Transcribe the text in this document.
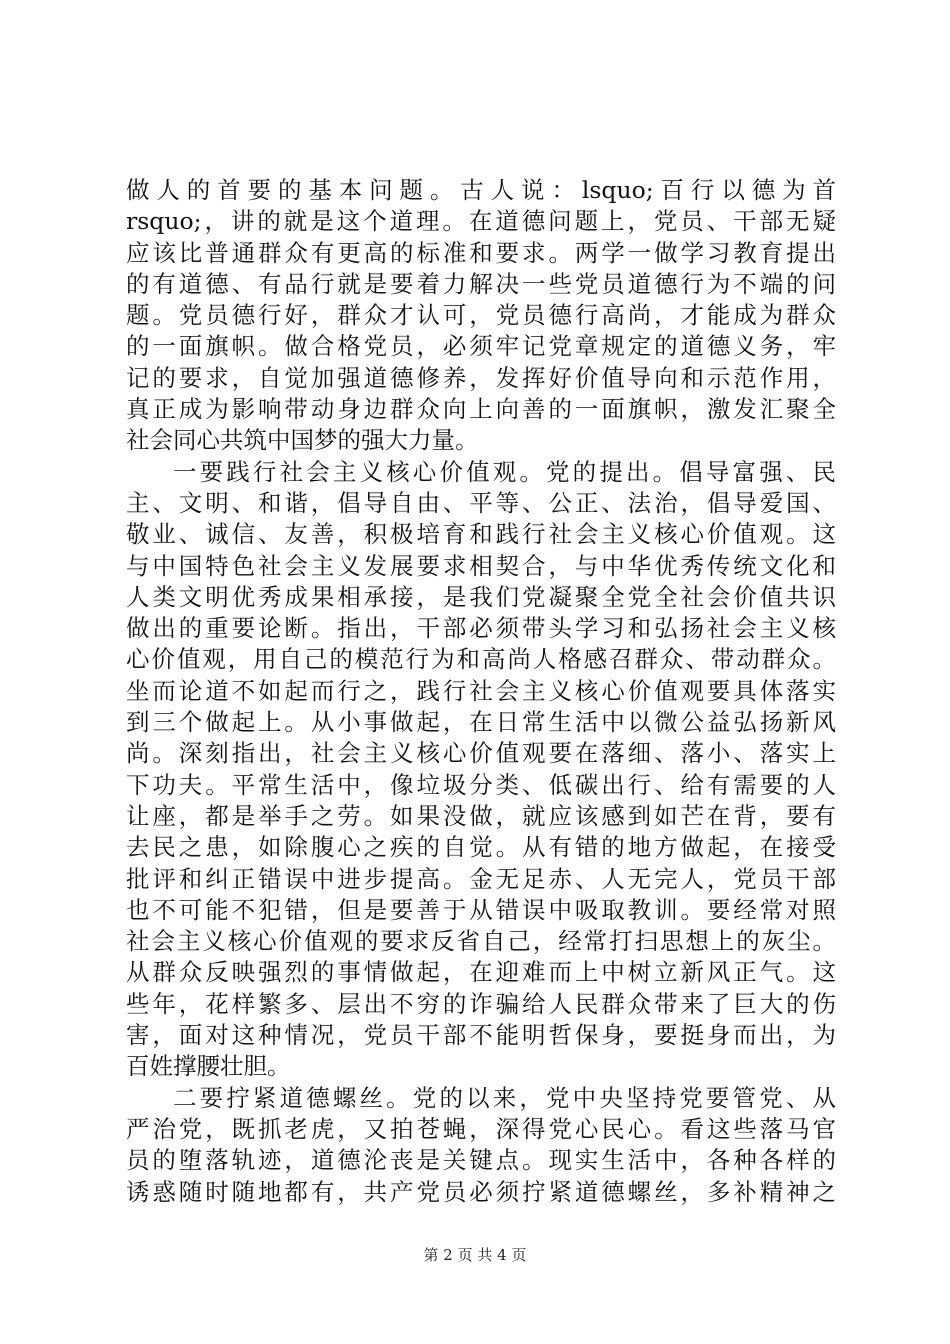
做人的首要的基本问题。古人说：lsquo;百行以德为首
rsquo;，讲的就是这个道理。在道德问题上，党员、干部无疑
应该比普通群众有更高的标准和要求。两学一做学习教育提出
的有道德、有品行就是要着力解决一些党员道德行为不端的问
题。党员德行好，群众才认可，党员德行高尚，才能成为群众
的一面旗帜。做合格党员，必须牢记党章规定的道德义务，牢
记的要求，自觉加强道德修养，发挥好价值导向和示范作用，
真正成为影响带动身边群众向上向善的一面旗帜，激发汇聚全
社会同心共筑中国梦的强大力量。
一要践行社会主义核心价值观。党的提出。倡导富强、民
主、文明、和谐，倡导自由、平等、公正、法治，倡导爱国、
敬业、诚信、友善，积极培育和践行社会主义核心价值观。这
与中国特色社会主义发展要求相契合，与中华优秀传统文化和
人类文明优秀成果相承接，是我们党凝聚全党全社会价值共识
做出的重要论断。指出，干部必须带头学习和弘扬社会主义核
心价值观，用自己的模范行为和高尚人格感召群众、带动群众。
坐而论道不如起而行之，践行社会主义核心价值观要具体落实
到三个做起上。从小事做起，在日常生活中以微公益弘扬新风
尚。深刻指出，社会主义核心价值观要在落细、落小、落实上
下功夫。平常生活中，像垃圾分类、低碳出行、给有需要的人
让座，都是举手之劳。如果没做，就应该感到如芒在背，要有
去民之患，如除腹心之疾的自觉。从有错的地方做起，在接受
批评和纠正错误中进步提高。金无足赤、人无完人，党员干部
也不可能不犯错，但是要善于从错误中吸取教训。要经常对照
社会主义核心价值观的要求反省自己，经常打扫思想上的灰尘。
从群众反映强烈的事情做起，在迎难而上中树立新风正气。这
些年，花样繁多、层出不穷的诈骗给人民群众带来了巨大的伤
害，面对这种情况，党员干部不能明哲保身，要挺身而出，为
百姓撑腰壮胆。
二要拧紧道德螺丝。党的以来，党中央坚持党要管党、从
严治党，既抓老虎，又拍苍蝇，深得党心民心。看这些落马官
员的堕落轨迹，道德沦丧是关键点。现实生活中，各种各样的
诱惑随时随地都有，共产党员必须拧紧道德螺丝，多补精神之
第 2 页 共 4 页
